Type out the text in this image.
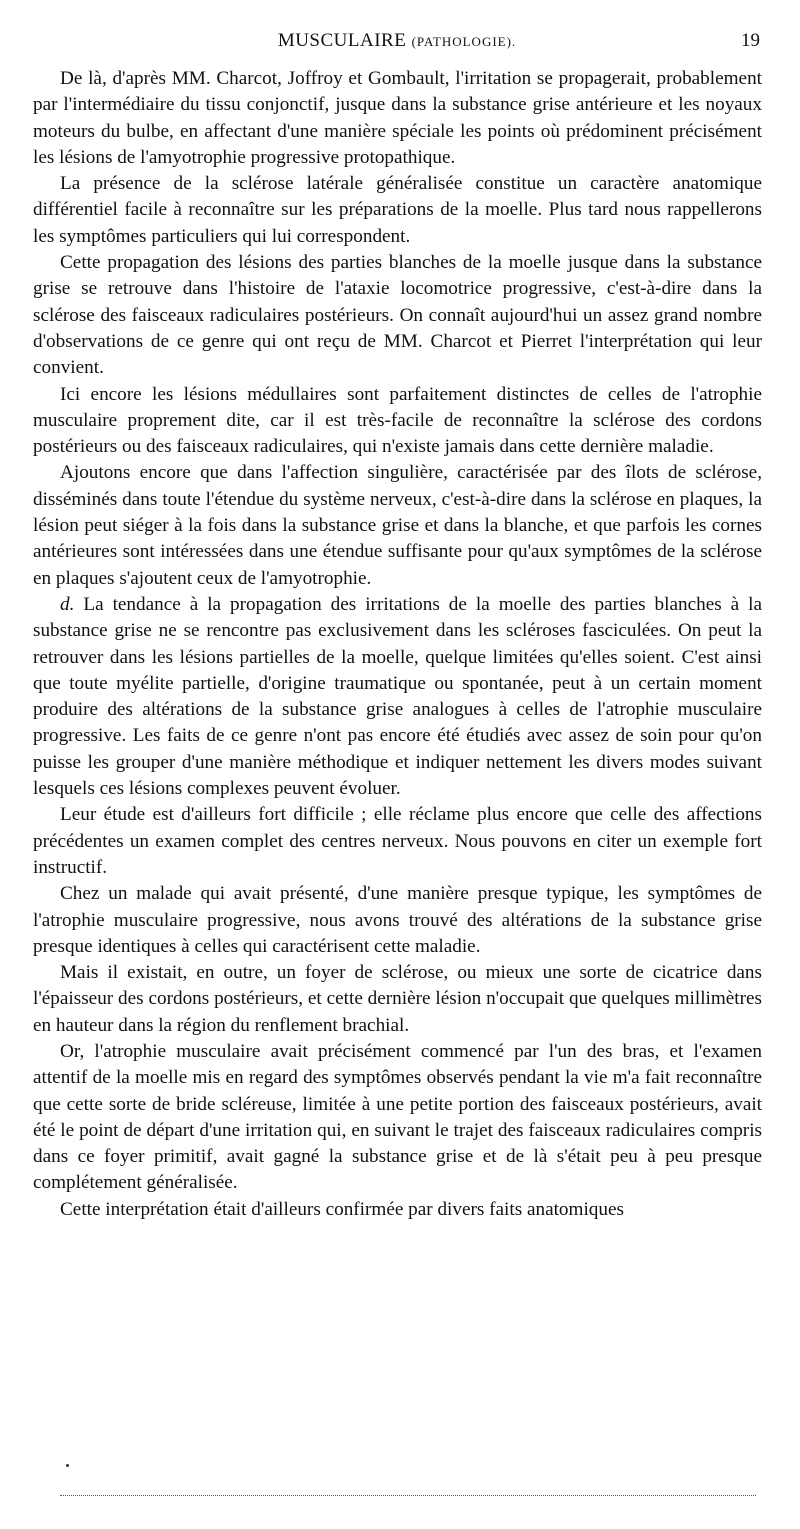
MUSCULAIRE (PATHOLOGIE).	19

De là, d'après MM. Charcot, Joffroy et Gombault, l'irritation se propagerait, probablement par l'intermédiaire du tissu conjonctif, jusque dans la substance grise antérieure et les noyaux moteurs du bulbe, en affectant d'une manière spéciale les points où prédominent précisément les lésions de l'amyotrophie progressive protopathique.

La présence de la sclérose latérale généralisée constitue un caractère anatomique différentiel facile à reconnaître sur les préparations de la moelle. Plus tard nous rappellerons les symptômes particuliers qui lui correspondent.

Cette propagation des lésions des parties blanches de la moelle jusque dans la substance grise se retrouve dans l'histoire de l'ataxie locomotrice progressive, c'est-à-dire dans la sclérose des faisceaux radiculaires postérieurs. On connaît aujourd'hui un assez grand nombre d'observations de ce genre qui ont reçu de MM. Charcot et Pierret l'interprétation qui leur convient.

Ici encore les lésions médullaires sont parfaitement distinctes de celles de l'atrophie musculaire proprement dite, car il est très-facile de reconnaître la sclérose des cordons postérieurs ou des faisceaux radiculaires, qui n'existe jamais dans cette dernière maladie.

Ajoutons encore que dans l'affection singulière, caractérisée par des îlots de sclérose, disséminés dans toute l'étendue du système nerveux, c'est-à-dire dans la sclérose en plaques, la lésion peut siéger à la fois dans la substance grise et dans la blanche, et que parfois les cornes antérieures sont intéressées dans une étendue suffisante pour qu'aux symptômes de la sclérose en plaques s'ajoutent ceux de l'amyotrophie.

d. La tendance à la propagation des irritations de la moelle des parties blanches à la substance grise ne se rencontre pas exclusivement dans les scléroses fasciculées. On peut la retrouver dans les lésions partielles de la moelle, quelque limitées qu'elles soient. C'est ainsi que toute myélite partielle, d'origine traumatique ou spontanée, peut à un certain moment produire des altérations de la substance grise analogues à celles de l'atrophie musculaire progressive. Les faits de ce genre n'ont pas encore été étudiés avec assez de soin pour qu'on puisse les grouper d'une manière méthodique et indiquer nettement les divers modes suivant lesquels ces lésions complexes peuvent évoluer.

Leur étude est d'ailleurs fort difficile ; elle réclame plus encore que celle des affections précédentes un examen complet des centres nerveux. Nous pouvons en citer un exemple fort instructif.

Chez un malade qui avait présenté, d'une manière presque typique, les symptômes de l'atrophie musculaire progressive, nous avons trouvé des altérations de la substance grise presque identiques à celles qui caractérisent cette maladie.

Mais il existait, en outre, un foyer de sclérose, ou mieux une sorte de cicatrice dans l'épaisseur des cordons postérieurs, et cette dernière lésion n'occupait que quelques millimètres en hauteur dans la région du renflement brachial.

Or, l'atrophie musculaire avait précisément commencé par l'un des bras, et l'examen attentif de la moelle mis en regard des symptômes observés pendant la vie m'a fait reconnaître que cette sorte de bride scléreuse, limitée à une petite portion des faisceaux postérieurs, avait été le point de départ d'une irritation qui, en suivant le trajet des faisceaux radiculaires compris dans ce foyer primitif, avait gagné la substance grise et de là s'était peu à peu presque complétement généralisée.

Cette interprétation était d'ailleurs confirmée par divers faits anatomiques
